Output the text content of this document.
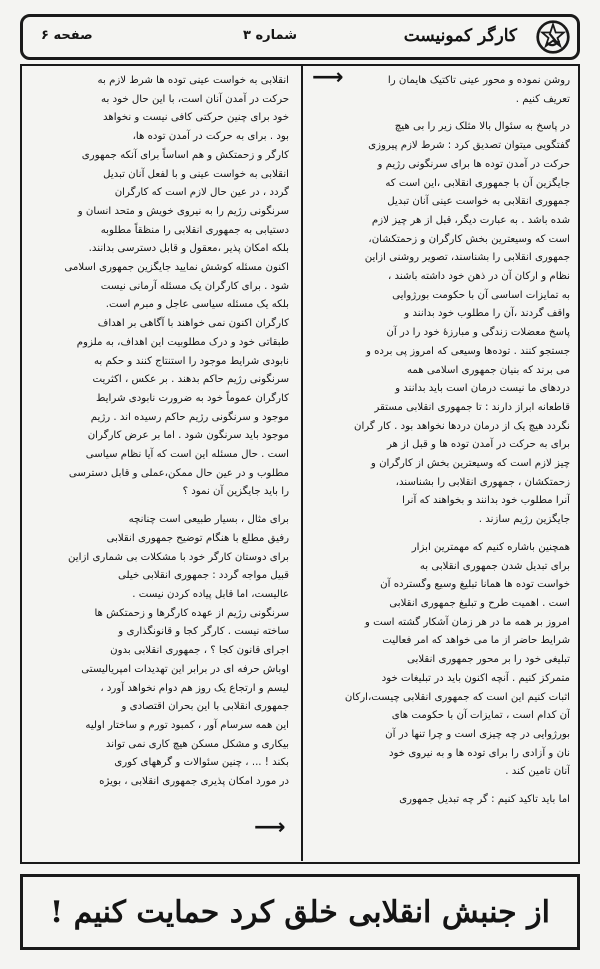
کارگر کمونیست
شماره ۳
صفحه ۶
⟶	روشن نموده و محور عینی تاکتیک هایمان را
تعریف کنیم .
در پاسخ به سئوال بالا مثلک زیر را بی هیچ
گفتگویی میتوان تصدیق کرد : شرط لازم پیروزی
حرکت در آمدن توده ها برای سرنگونی رژیم و
جایگزین آن با جمهوری انقلابی ،این است که
جمهوری انقلابی به خواست عینی آنان تبدیل
شده باشد . به عبارت دیگر، قبل از هر چیز لازم
است که وسیعترین بخش کارگران و زحمتکشان،
جمهوری انقلابی را بشناسند، تصویر روشنی ازاین
نظام و ارکان آن در ذهن خود داشته باشند ،
به تمایزات اساسی آن با حکومت بورژوایی
واقف گردند ،آن را مطلوب خود بدانند و
پاسخ معضلات زندگی و مبارزهٔ خود را در آن
جستجو کنند . توده‌ها وسیعی که امروز پی برده و
می برند که بنیان جمهوری اسلامی همه
دردهای ما نیست درمان است باید بدانند و
قاطعانه ابراز دارند : تا جمهوری انقلابی مستقر
نگردد هیچ یک از درمان دردها نخواهد بود . کار گران
برای به حرکت در آمدن توده ها و قبل از هر
چیز لازم است که وسیعترین بخش از کارگران و
زحمتکشان ، جمهوری انقلابی را بشناسند،
آنرا مطلوب خود بدانند و بخواهند که آنرا
جایگزین رژیم سازند .
همچنین باشاره کنیم که مهمترین ابزار
برای تبدیل شدن جمهوری انقلابی به
خواست توده ها همانا تبلیغ وسیع وگسترده آن
است . اهمیت طرح و تبلیغ جمهوری انقلابی
امروز بر همه ما در هر زمان آشکار گشته است و
شرایط حاضر از ما می خواهد که امر فعالیت
تبلیغی خود را بر محور جمهوری انقلابی
متمرکز کنیم . آنچه اکنون باید در تبلیغات خود
اثبات کنیم این است که جمهوری انقلابی چیست،ارکان
آن کدام است ، تمایزات آن با حکومت های
بورژوایی در چه چیزی است و چرا تنها در آن
نان و آزادی را برای توده ها و به نیروی خود
آنان تامین کند .
اما باید تاکید کنیم : گر چه تبدیل جمهوری
انقلابی به خواست عینی توده ها شرط لازم به
حرکت در آمدن آنان است، با این حال خود به
خود برای چنین حرکتی کافی نیست و نخواهد
بود . برای به حرکت در آمدن توده ها،
کارگر و زحمتکش و هم اساساً برای آنکه جمهوری
انقلابی به خواست عینی و با لفعل آنان تبدیل
گردد ، در عین حال لازم است که کارگران
سرنگونی رژیم را به نیروی خویش و متحد انسان و
دستیابی به جمهوری انقلابی را منظقاً مطلوبه
بلکه امکان پذیر ،معقول و قابل دسترسی بدانند.
اکنون مسئله کوشش نمایید جایگزین جمهوری اسلامی
شود . برای کارگران یک مسئله آرمانی نیست
بلکه یک مسئله سیاسی عاجل و مبرم است.
کارگران اکنون نمی خواهند با آگاهی بر اهداف
طبقاتی خود و درک مطلوبیت این اهداف، به ملزوم
نابودی شرایط موجود را استنتاج کنند و حکم به
سرنگونی رژیم حاکم بدهند . بر عکس ، اکثریت
کارگران عموماً خود به ضرورت نابودی شرایط
موجود و سرنگونی رژیم حاکم رسیده اند . رژیم
موجود باید سرنگون شود . اما بر عرض کارگران
است . حال مسئله این است که آیا نظام سیاسی
مطلوب و در عین حال ممکن،عملی و قابل دسترسی
را باید جایگزین آن نمود ؟
برای مثال ، بسیار طبیعی است چنانچه
رفیق مطلع با هنگام توضیح جمهوری انقلابی
برای دوستان کارگر خود با مشکلات بی شماری ازاین
قبیل مواجه گردد : جمهوری انقلابی خیلی
عالیست، اما قابل پیاده کردن نیست .
سرنگونی رژیم از عهده کارگرها و زحمتکش ها
ساخته نیست . کارگر کجا و قانونگذاری و
اجرای قانون کجا ؟ ، جمهوری انقلابی بدون
اوباش حرفه ای در برابر این تهدیدات امپریالیستی
لیسم و ارتجاع یک روز هم دوام نخواهد آورد ،
جمهوری انقلابی با این بحران اقتصادی و
این همه سرسام آور ، کمبود تورم و ساختار اولیه
بیکاری و مشکل مسکن هیچ کاری نمی تواند
بکند ! ... ، چنین سئوالات و گرههای کوری
در مورد امکان پذیری جمهوری انقلابی ، بویژه
⟶
از جنبش انقلابی خلق کرد حمایت کنیم !
